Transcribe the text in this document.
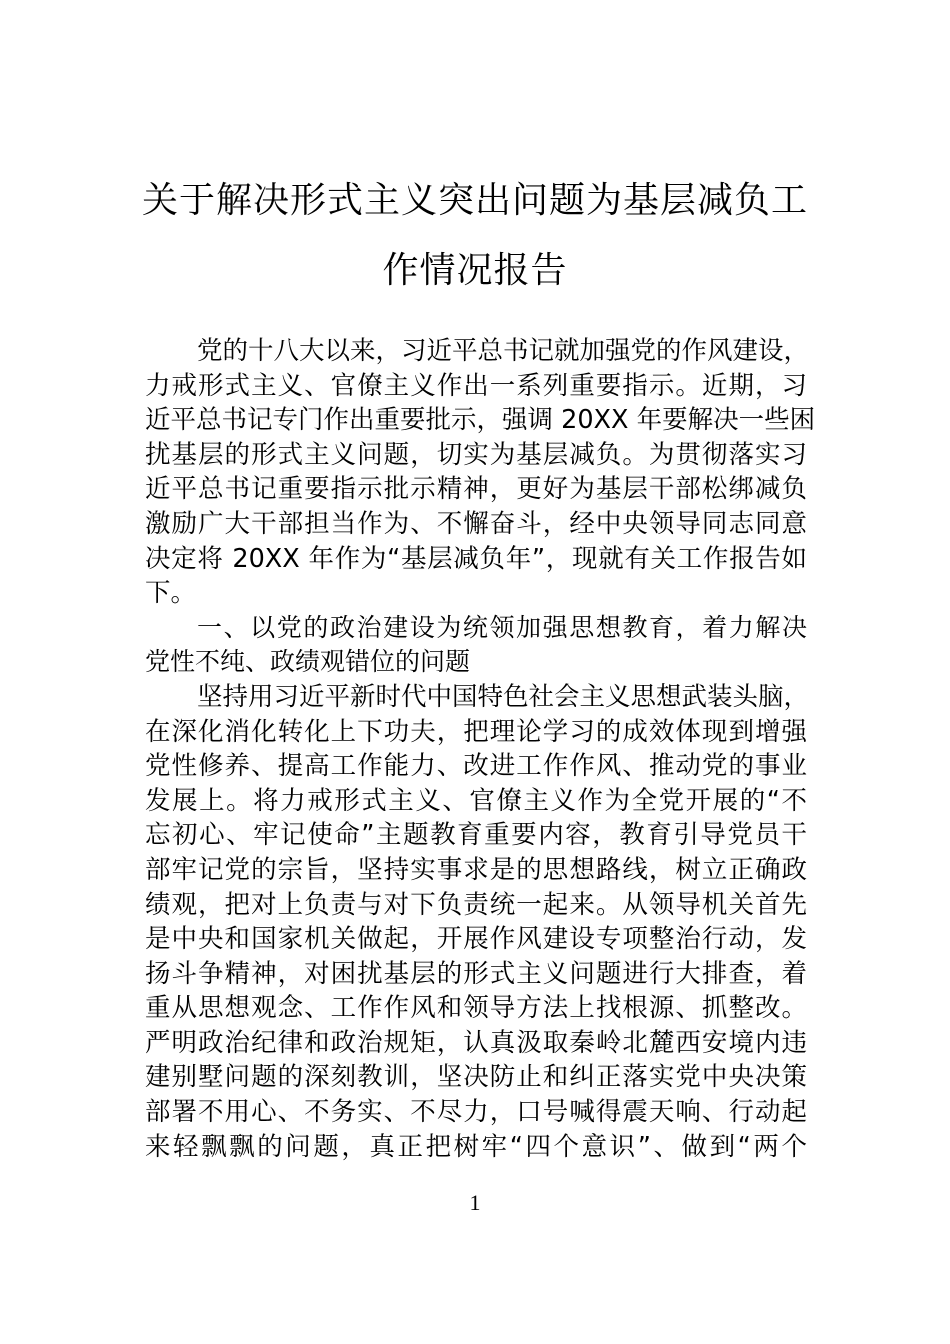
关于解决形式主义突出问题为基层减负工
作情况报告
党的十八大以来，习近平总书记就加强党的作风建设，
力戒形式主义、官僚主义作出一系列重要指示。近期，习
近平总书记专门作出重要批示，强调 20XX 年要解决一些困
扰基层的形式主义问题，切实为基层减负。为贯彻落实习
近平总书记重要指示批示精神，更好为基层干部松绑减负
激励广大干部担当作为、不懈奋斗，经中央领导同志同意
决定将 20XX 年作为“基层减负年”，现就有关工作报告如
下。
一、以党的政治建设为统领加强思想教育，着力解决
党性不纯、政绩观错位的问题
坚持用习近平新时代中国特色社会主义思想武装头脑，
在深化消化转化上下功夫，把理论学习的成效体现到增强
党性修养、提高工作能力、改进工作作风、推动党的事业
发展上。将力戒形式主义、官僚主义作为全党开展的“不
忘初心、牢记使命”主题教育重要内容，教育引导党员干
部牢记党的宗旨，坚持实事求是的思想路线，树立正确政
绩观，把对上负责与对下负责统一起来。从领导机关首先
是中央和国家机关做起，开展作风建设专项整治行动，发
扬斗争精神，对困扰基层的形式主义问题进行大排查，着
重从思想观念、工作作风和领导方法上找根源、抓整改。
严明政治纪律和政治规矩，认真汲取秦岭北麓西安境内违
建别墅问题的深刻教训，坚决防止和纠正落实党中央决策
部署不用心、不务实、不尽力，口号喊得震天响、行动起
来轻飘飘的问题，真正把树牢“四个意识”、做到“两个
1
